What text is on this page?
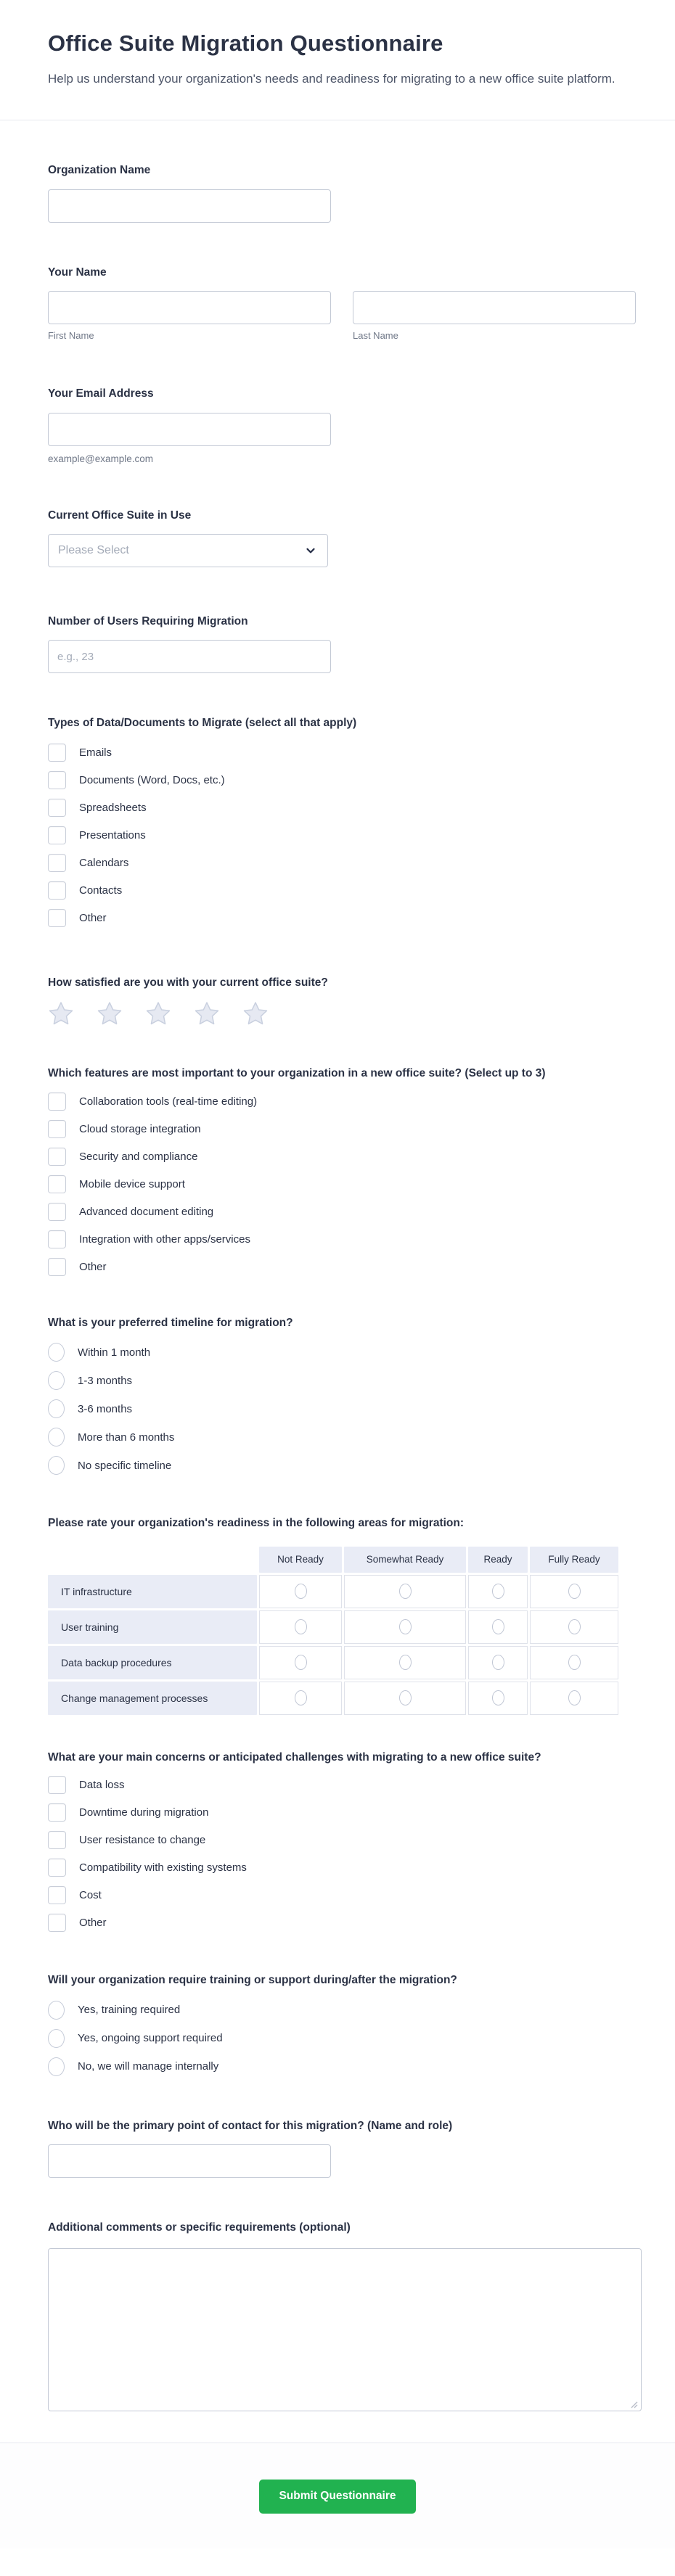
Office Suite Migration Questionnaire

Help us understand your organization's needs and readiness for migrating to a new office suite platform.

Organization Name
Your Name
First Name	Last Name
Your Email Address
example@example.com
Current Office Suite in Use
Please Select
Number of Users Requiring Migration
e.g., 23
Types of Data/Documents to Migrate (select all that apply)
Emails
Documents (Word, Docs, etc.)
Spreadsheets
Presentations
Calendars
Contacts
Other
How satisfied are you with your current office suite?
Which features are most important to your organization in a new office suite? (Select up to 3)
Collaboration tools (real-time editing)
Cloud storage integration
Security and compliance
Mobile device support
Advanced document editing
Integration with other apps/services
Other
What is your preferred timeline for migration?
Within 1 month
1-3 months
3-6 months
More than 6 months
No specific timeline
Please rate your organization's readiness in the following areas for migration:
	Not Ready	Somewhat Ready	Ready	Fully Ready
IT infrastructure				
User training				
Data backup procedures				
Change management processes				
What are your main concerns or anticipated challenges with migrating to a new office suite?
Data loss
Downtime during migration
User resistance to change
Compatibility with existing systems
Cost
Other
Will your organization require training or support during/after the migration?
Yes, training required
Yes, ongoing support required
No, we will manage internally
Who will be the primary point of contact for this migration? (Name and role)
Additional comments or specific requirements (optional)
Submit Questionnaire
